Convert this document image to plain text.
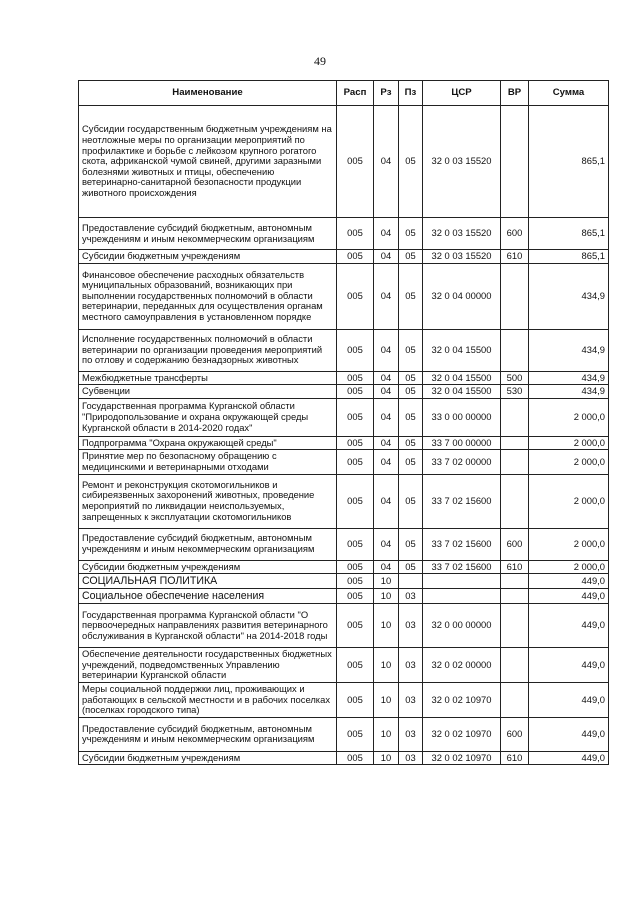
49
Наименование	Расп	Рз	Пз	ЦСР	ВР	Сумма
Субсидии государственным бюджетным учреждениям на неотложные меры по организации мероприятий по профилактике и борьбе с лейкозом крупного рогатого скота, африканской чумой свиней, другими заразными болезнями животных и птицы, обеспечению ветеринарно-санитарной безопасности продукции животного происхождения	005	04	05	32 0 03 15520		865,1
Предоставление субсидий бюджетным, автономным учреждениям и иным некоммерческим организациям	005	04	05	32 0 03 15520	600	865,1
Субсидии бюджетным учреждениям	005	04	05	32 0 03 15520	610	865,1
Финансовое обеспечение расходных обязательств муниципальных образований, возникающих при выполнении государственных полномочий в области ветеринарии, переданных для осуществления органам местного самоуправления в установленном порядке	005	04	05	32 0 04 00000		434,9
Исполнение государственных полномочий в области ветеринарии по организации проведения мероприятий по отлову и содержанию безнадзорных животных	005	04	05	32 0 04 15500		434,9
Межбюджетные трансферты	005	04	05	32 0 04 15500	500	434,9
Субвенции	005	04	05	32 0 04 15500	530	434,9
Государственная программа Курганской области "Природопользование и охрана окружающей среды Курганской области в 2014-2020 годах"	005	04	05	33 0 00 00000		2 000,0
Подпрограмма "Охрана окружающей среды"	005	04	05	33 7 00 00000		2 000,0
Принятие мер по безопасному обращению с медицинскими и ветеринарными отходами	005	04	05	33 7 02 00000		2 000,0
Ремонт и реконструкция скотомогильников и сибиреязвенных захоронений животных, проведение мероприятий по ликвидации неиспользуемых, запрещенных к эксплуатации скотомогильников	005	04	05	33 7 02 15600		2 000,0
Предоставление субсидий бюджетным, автономным учреждениям и иным некоммерческим организациям	005	04	05	33 7 02 15600	600	2 000,0
Субсидии бюджетным учреждениям	005	04	05	33 7 02 15600	610	2 000,0
СОЦИАЛЬНАЯ ПОЛИТИКА	005	10				449,0
Социальное обеспечение населения	005	10	03			449,0
Государственная программа Курганской области "О первоочередных направлениях развития ветеринарного обслуживания в Курганской области" на 2014-2018 годы	005	10	03	32 0 00 00000		449,0
Обеспечение деятельности государственных бюджетных учреждений, подведомственных Управлению ветеринарии Курганской области	005	10	03	32 0 02 00000		449,0
Меры социальной поддержки лиц, проживающих и работающих в сельской местности и в рабочих поселках (поселках городского типа)	005	10	03	32 0 02 10970		449,0
Предоставление субсидий бюджетным, автономным учреждениям и иным некоммерческим организациям	005	10	03	32 0 02 10970	600	449,0
Субсидии бюджетным учреждениям	005	10	03	32 0 02 10970	610	449,0
